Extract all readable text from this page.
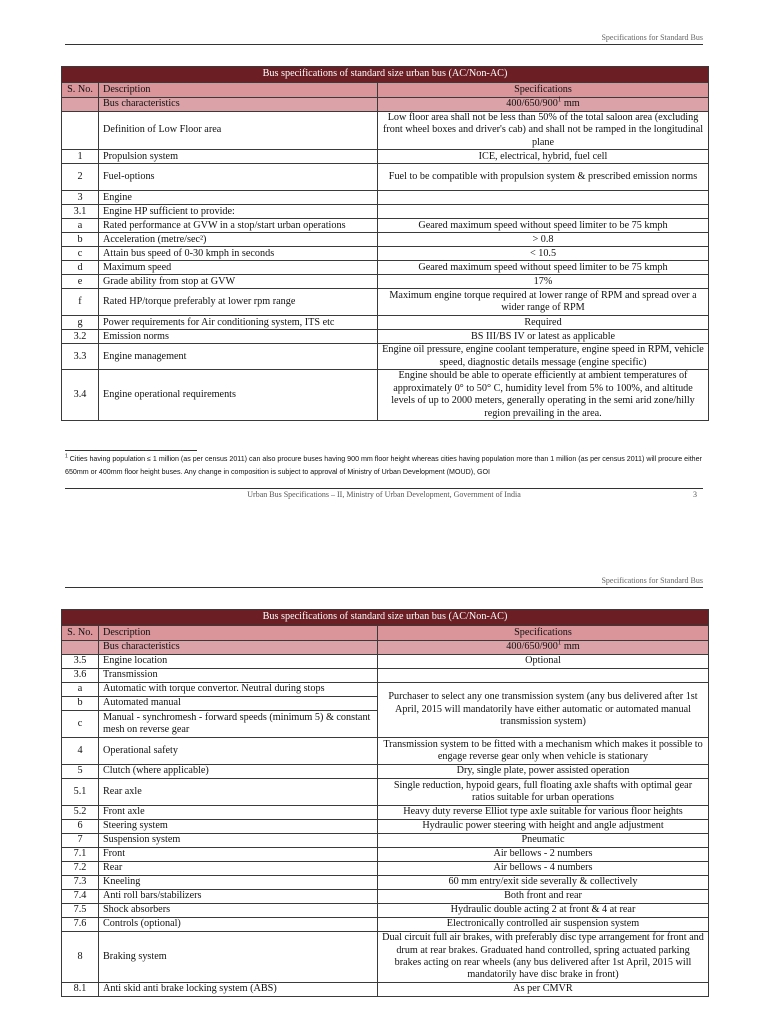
Specifications for Standard Bus
Bus specifications of standard size urban bus (AC/Non-AC)		
S. No.	Description	Specifications
	Bus characteristics	$400/650/900^1$ mm
	Definition of Low Floor area	Low floor area shall not be less than 50% of the total saloon area (excluding front wheel boxes and driver's cab) and shall not be ramped in the longitudinal plane
1	Propulsion system	ICE, electrical, hybrid, fuel cell
2	Fuel-options	Fuel to be compatible with propulsion system & prescribed emission norms
3	Engine	
3.1	Engine HP sufficient to provide:	
a	Rated performance at GVW in a stop/start urban operations	Geared maximum speed without speed limiter to be 75 kmph
b	Acceleration (metre/sec²)	> 0.8
c	Attain bus speed of 0-30 kmph in seconds	< 10.5
d	Maximum speed	Geared maximum speed without speed limiter to be 75 kmph
e	Grade ability from stop at GVW	17%
f	Rated HP/torque preferably at lower rpm range	Maximum engine torque required at lower range of RPM and spread over a wider range of RPM
g	Power requirements for Air conditioning system, ITS etc	Required
3.2	Emission norms	BS III/BS IV or latest as applicable
3.3	Engine management	Engine oil pressure, engine coolant temperature, engine speed in RPM, vehicle speed, diagnostic details message (engine specific)
3.4	Engine operational requirements	Engine should be able to operate efficiently at ambient temperatures of approximately 0° to 50° C, humidity level from 5% to 100%, and altitude levels of up to 2000 meters, generally operating in the semi arid zone/hilly region prevailing in the area.
$^1$ Cities having population ≤ 1 million (as per census 2011) can also procure buses having 900 mm floor height whereas cities having population more than 1 million (as per census 2011) will procure either 650mm or 400mm floor height buses. Any change in composition is subject to approval of Ministry of Urban Development (MOUD), GOI
Urban Bus Specifications – II, Ministry of Urban Development, Government of India	3
Specifications for Standard Bus
Bus specifications of standard size urban bus (AC/Non-AC)		
S. No.	Description	Specifications
	Bus characteristics	$400/650/900^1$ mm
3.5	Engine location	Optional
3.6	Transmission	
a	Automatic with torque convertor. Neutral during stops	Purchaser to select any one transmission system (any bus delivered after 1st April, 2015 will mandatorily have either automatic or automated manual transmission system)
b	Automated manual	
c	Manual - synchromesh - forward speeds (minimum 5) & constant mesh on reverse gear	
4	Operational safety	Transmission system to be fitted with a mechanism which makes it possible to engage reverse gear only when vehicle is stationary
5	Clutch (where applicable)	Dry, single plate, power assisted operation
5.1	Rear axle	Single reduction, hypoid gears, full floating axle shafts with optimal gear ratios suitable for urban operations
5.2	Front axle	Heavy duty reverse Elliot type axle suitable for various floor heights
6	Steering system	Hydraulic power steering with height and angle adjustment
7	Suspension system	Pneumatic
7.1	Front	Air bellows - 2 numbers
7.2	Rear	Air bellows - 4 numbers
7.3	Kneeling	60 mm entry/exit side severally & collectively
7.4	Anti roll bars/stabilizers	Both front and rear
7.5	Shock absorbers	Hydraulic double acting 2 at front & 4 at rear
7.6	Controls (optional)	Electronically controlled air suspension system
8	Braking system	Dual circuit full air brakes, with preferably disc type arrangement for front and drum at rear brakes. Graduated hand controlled, spring actuated parking brakes acting on rear wheels (any bus delivered after 1st April, 2015 will mandatorily have disc brake in front)
8.1	Anti skid anti brake locking system (ABS)	As per CMVR
